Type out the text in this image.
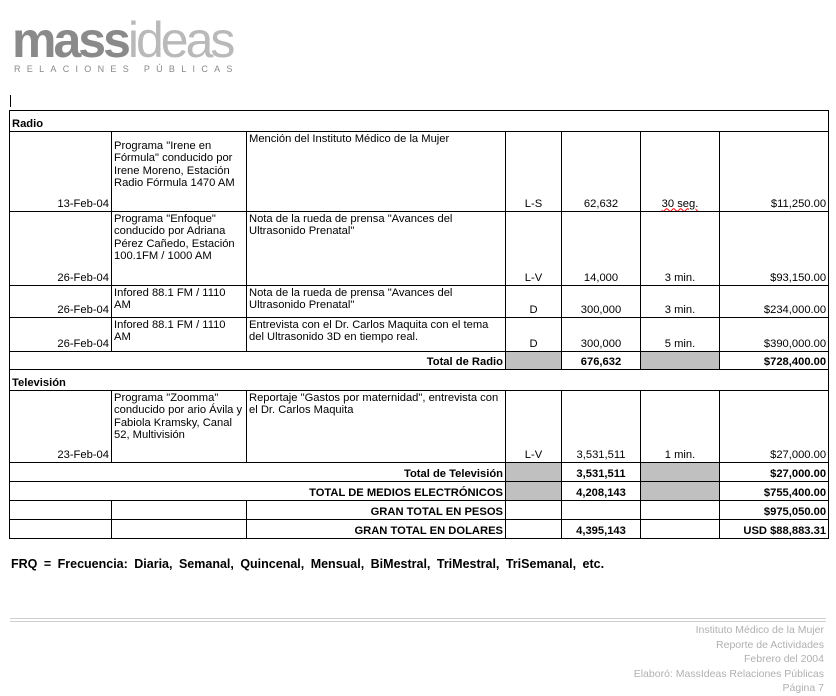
massideas
RELACIONES PÚBLICAS
Radio						
13-Feb-04	Programa "Irene en Fórmula" conducido por Irene Moreno, Estación Radio Fórmula 1470 AM	Mención del Instituto Médico de la Mujer	L-S	62,632	30 seg.	$11,250.00
26-Feb-04	Programa "Enfoque" conducido por Adriana Pérez Cañedo, Estación 100.1FM / 1000 AM	Nota de la rueda de prensa "Avances del Ultrasonido Prenatal"	L-V	14,000	3 min.	$93,150.00
26-Feb-04	Infored 88.1 FM / 1110 AM	Nota de la rueda de prensa "Avances del Ultrasonido Prenatal"	D	300,000	3 min.	$234,000.00
26-Feb-04	Infored 88.1 FM / 1110 AM	Entrevista con el Dr. Carlos Maquita con el tema del Ultrasonido 3D en tiempo real.	D	300,000	5 min.	$390,000.00
Total de Radio				676,632		$728,400.00
Televisión						
23-Feb-04	Programa "Zoomma" conducido por ario Ávila y Fabiola Kramsky, Canal 52, Multivisión	Reportaje "Gastos por maternidad", entrevista con el Dr. Carlos Maquita	L-V	3,531,511	1 min.	$27,000.00
Total de Televisión				3,531,511		$27,000.00
TOTAL DE MEDIOS ELECTRÓNICOS				4,208,143		$755,400.00
		GRAN TOTAL EN PESOS				$975,050.00
		GRAN TOTAL EN DOLARES		4,395,143		USD $88,883.31
FRQ = Frecuencia: Diaria, Semanal, Quincenal, Mensual, BiMestral, TriMestral, TriSemanal, etc.
Instituto Médico de la Mujer
Reporte de Actividades
Febrero del 2004
Elaboró: MassIdeas Relaciones Públicas
Página 7
